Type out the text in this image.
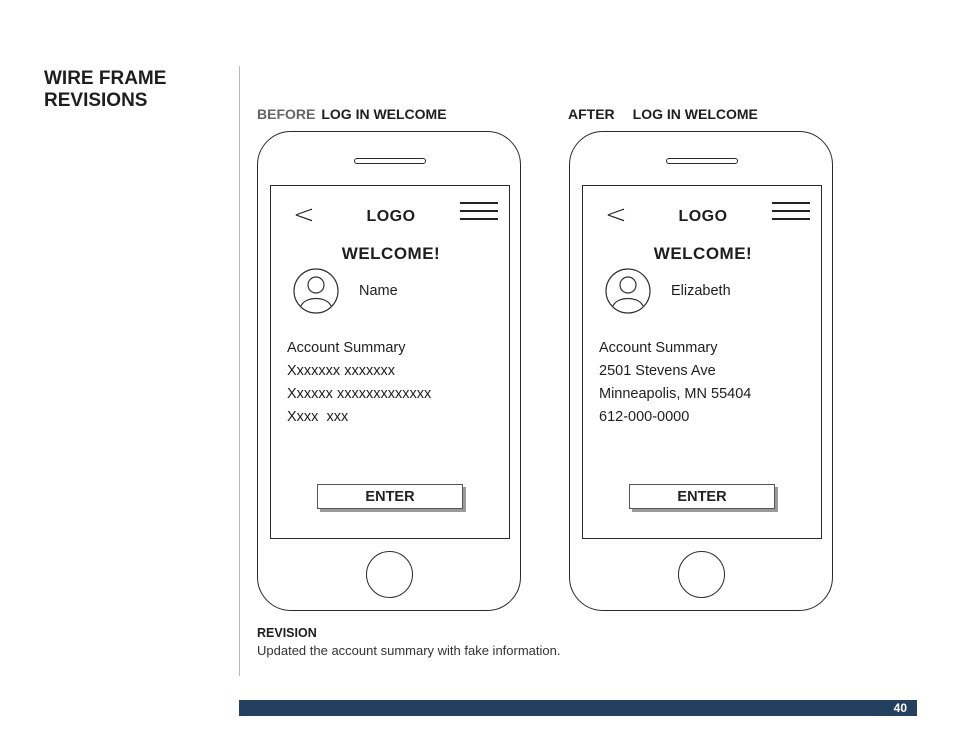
WIRE FRAME
REVISIONS
BEFORE LOG IN WELCOME	AFTER LOG IN WELCOME
<	LOGO
WELCOME!
Name
Account Summary
Xxxxxxx xxxxxxx
Xxxxxx xxxxxxxxxxxxx
Xxxx  xxx
ENTER
<	LOGO
WELCOME!
Elizabeth
Account Summary
2501 Stevens Ave
Minneapolis, MN 55404
612-000-0000
ENTER
REVISION
Updated the account summary with fake information.
40
